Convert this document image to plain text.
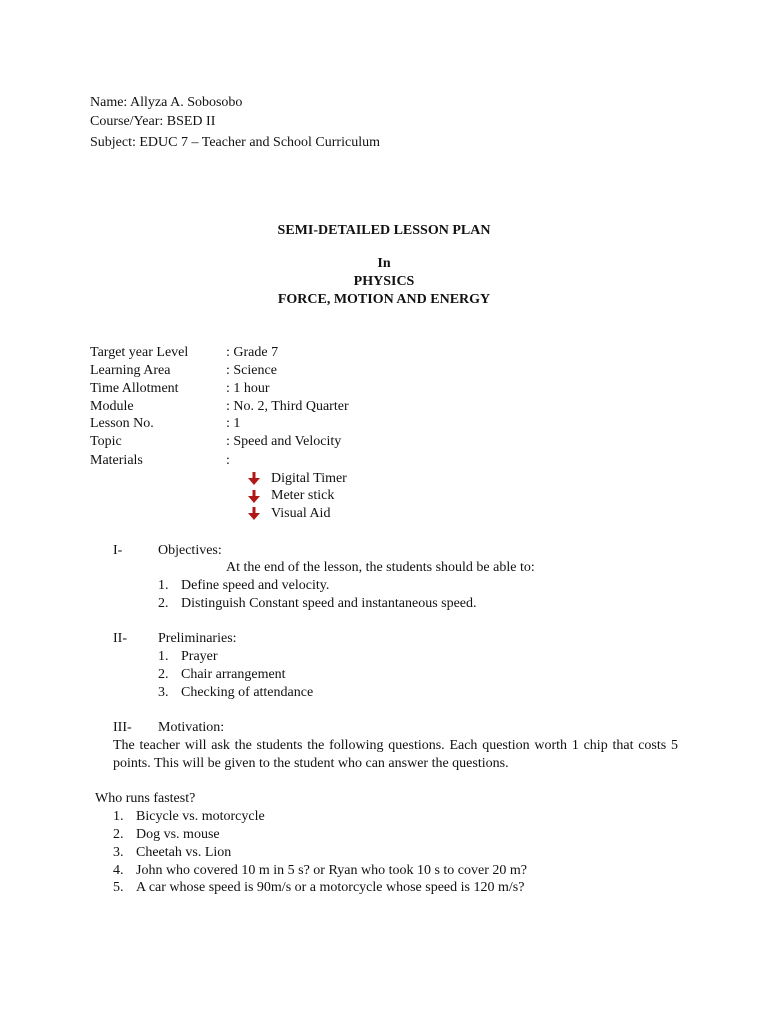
Name: Allyza A. Sobosobo
Course/Year: BSED II
Subject: EDUC 7 – Teacher and School Curriculum
SEMI-DETAILED LESSON PLAN
In
PHYSICS
FORCE, MOTION AND ENERGY
Target year Level	: Grade 7
Learning Area	: Science
Time Allotment	: 1 hour
Module	: No. 2, Third Quarter
Lesson No.	: 1
Topic	: Speed and Velocity
Materials	:
Digital Timer
Meter stick
Visual Aid
I-	Objectives:
At the end of the lesson, the students should be able to:
1. Define speed and velocity.
2. Distinguish Constant speed and instantaneous speed.
II- Preliminaries:
1. Prayer
2. Chair arrangement
3. Checking of attendance
III- Motivation:
The teacher will ask the students the following questions. Each question worth 1 chip that costs 5 points. This will be given to the student who can answer the questions.
Who runs fastest?
1. Bicycle vs. motorcycle
2. Dog vs. mouse
3. Cheetah vs. Lion
4. John who covered 10 m in 5 s? or Ryan who took 10 s to cover 20 m?
5. A car whose speed is 90m/s or a motorcycle whose speed is 120 m/s?
